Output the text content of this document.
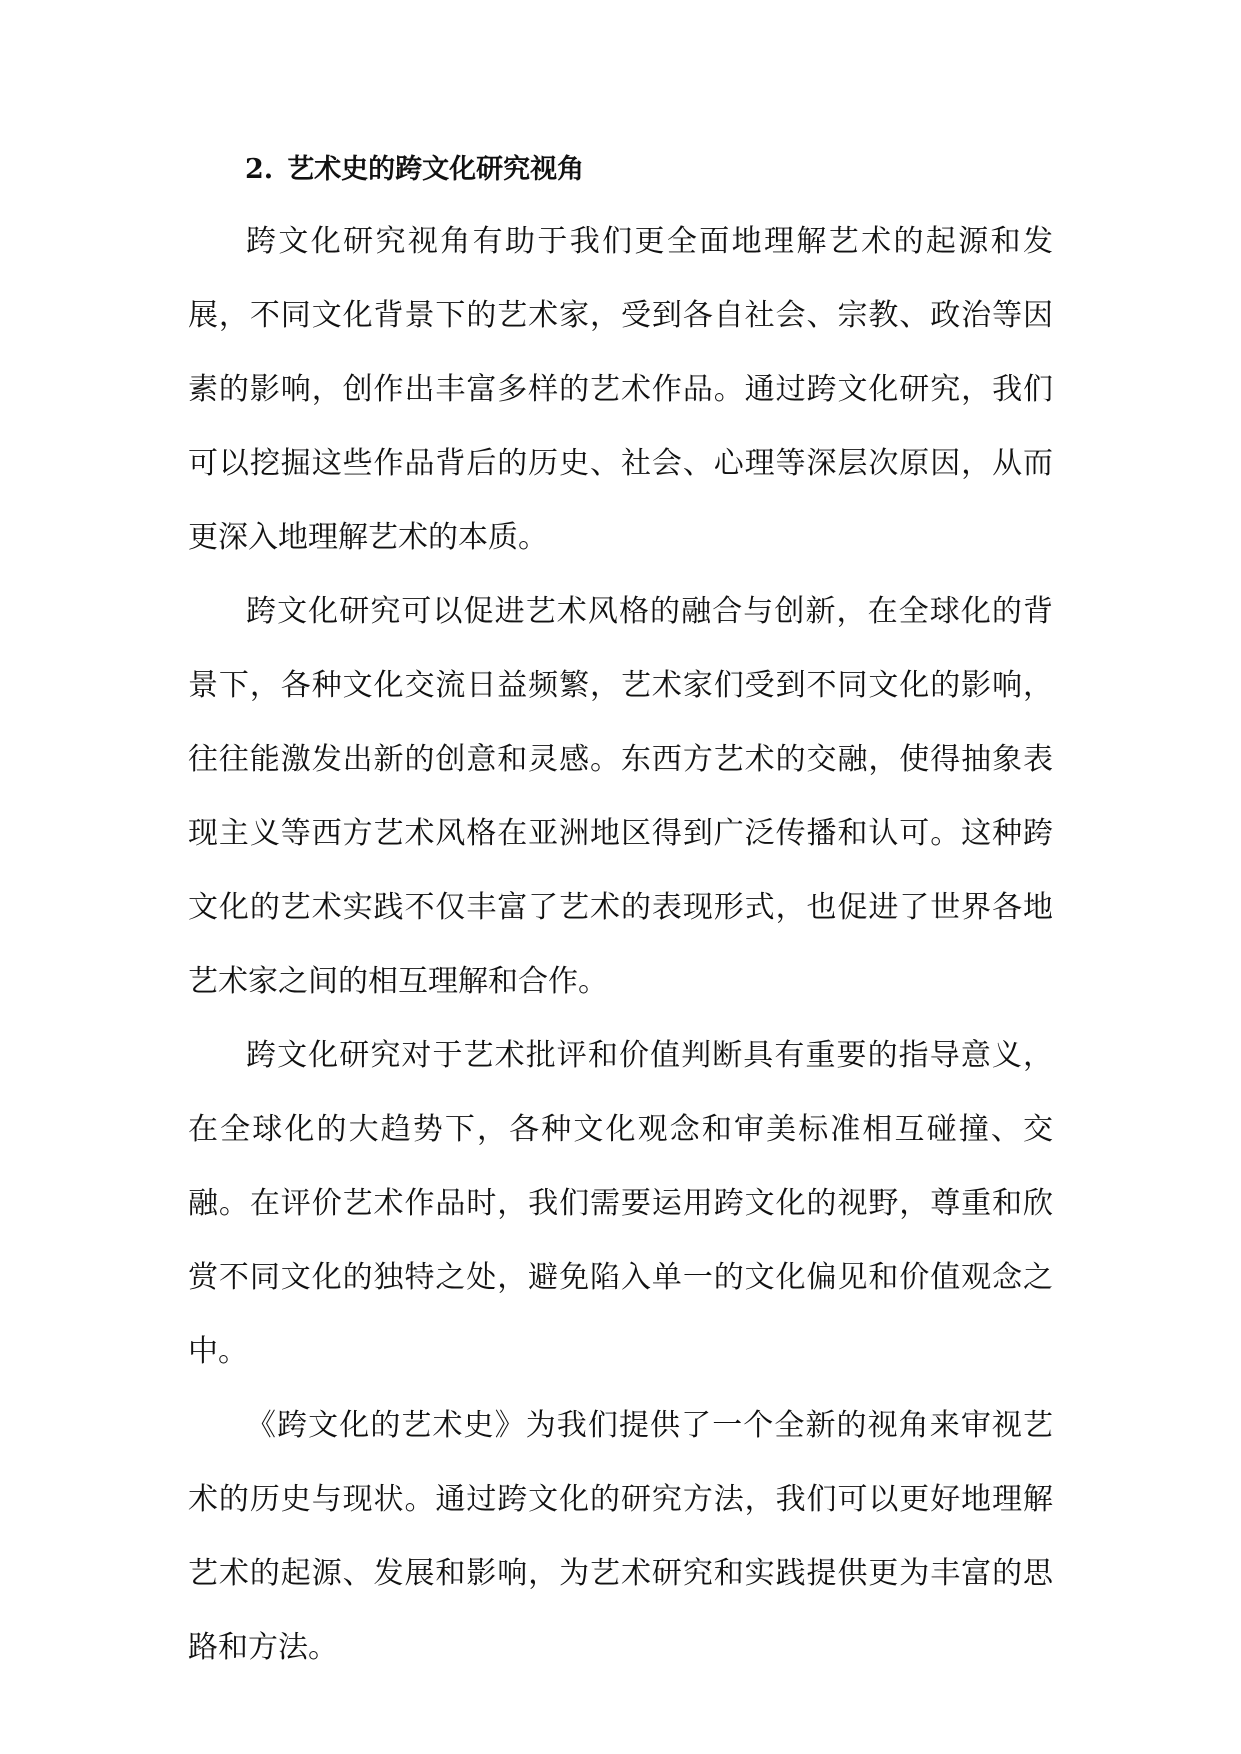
2. 艺术史的跨文化研究视角

跨文化研究视角有助于我们更全面地理解艺术的起源和发展，不同文化背景下的艺术家，受到各自社会、宗教、政治等因素的影响，创作出丰富多样的艺术作品。通过跨文化研究，我们可以挖掘这些作品背后的历史、社会、心理等深层次原因，从而更深入地理解艺术的本质。

跨文化研究可以促进艺术风格的融合与创新，在全球化的背景下，各种文化交流日益频繁，艺术家们受到不同文化的影响，往往能激发出新的创意和灵感。东西方艺术的交融，使得抽象表现主义等西方艺术风格在亚洲地区得到广泛传播和认可。这种跨文化的艺术实践不仅丰富了艺术的表现形式，也促进了世界各地艺术家之间的相互理解和合作。

跨文化研究对于艺术批评和价值判断具有重要的指导意义，在全球化的大趋势下，各种文化观念和审美标准相互碰撞、交融。在评价艺术作品时，我们需要运用跨文化的视野，尊重和欣赏不同文化的独特之处，避免陷入单一的文化偏见和价值观念之中。

《跨文化的艺术史》为我们提供了一个全新的视角来审视艺术的历史与现状。通过跨文化的研究方法，我们可以更好地理解艺术的起源、发展和影响，为艺术研究和实践提供更为丰富的思路和方法。
